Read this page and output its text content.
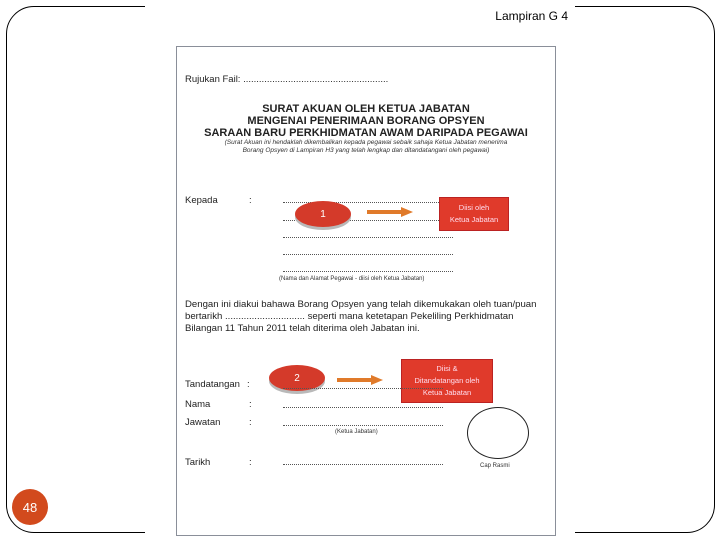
Lampiran G 4
48
Rujukan Fail: .......................................................
SURAT AKUAN OLEH KETUA JABATAN
MENGENAI PENERIMAAN BORANG OPSYEN
SARAAN BARU PERKHIDMATAN AWAM DARIPADA PEGAWAI
(Surat Akuan ini hendaklah dikembalikan kepada pegawai sebaik sahaja Ketua Jabatan menerima
Borang Opsyen di Lampiran H3 yang telah lengkap dan ditandatangani oleh pegawai)
Kepada	:
(Nama dan Alamat Pegawai - diisi oleh Ketua Jabatan)
1
Diisi oleh
Ketua Jabatan
Dengan ini diakui bahawa Borang Opsyen yang telah dikemukakan oleh tuan/puan bertarikh .............................. seperti mana ketetapan Pekeliling Perkhidmatan Bilangan 11 Tahun 2011 telah diterima oleh Jabatan ini.
2
Diisi &
Ditandatangan oleh
Ketua Jabatan
Tandatangan :
Nama	:
Jawatan	:
(Ketua Jabatan)
Tarikh	:	Cap Rasmi
